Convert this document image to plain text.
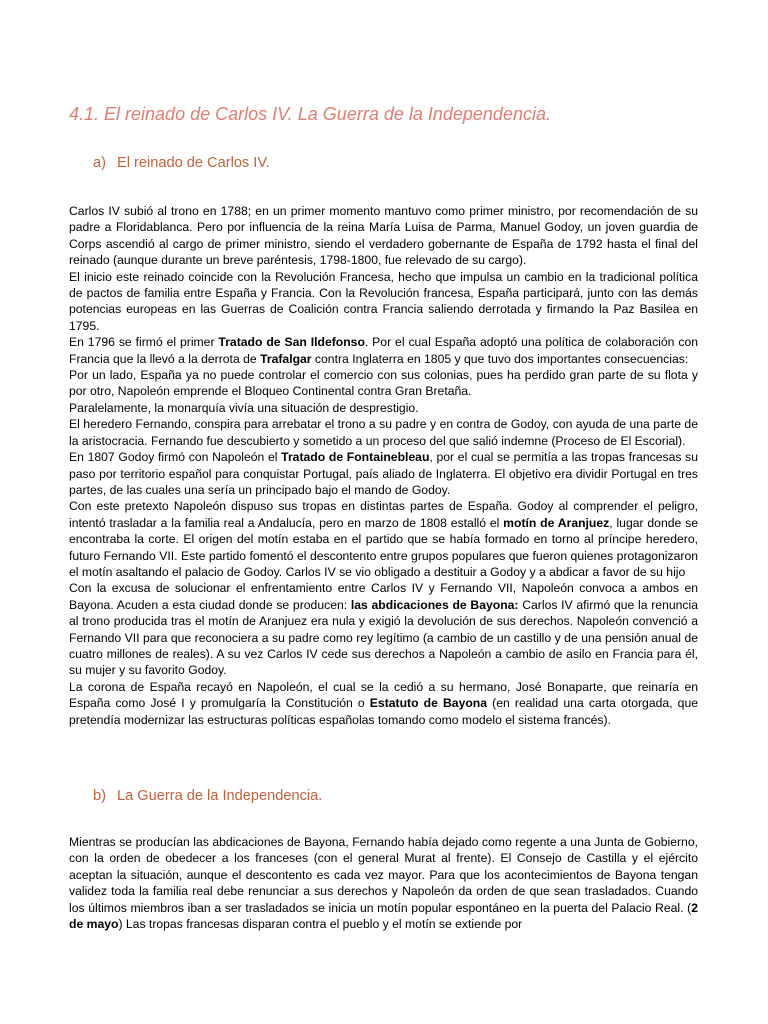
4.1. El reinado de Carlos IV. La Guerra de la Independencia.
a) El reinado de Carlos IV.

Carlos IV subió al trono en 1788; en un primer momento mantuvo como primer ministro, por recomendación de su padre a Floridablanca. Pero por influencia de la reina María Luisa de Parma, Manuel Godoy, un joven guardia de Corps ascendió al cargo de primer ministro, siendo el verdadero gobernante de España de 1792 hasta el final del reinado (aunque durante un breve paréntesis, 1798-1800, fue relevado de su cargo).

El inicio este reinado coincide con la Revolución Francesa, hecho que impulsa un cambio en la tradicional política de pactos de familia entre España y Francia. Con la Revolución francesa, España participará, junto con las demás potencias europeas en las Guerras de Coalición contra Francia saliendo derrotada y firmando la Paz Basilea en 1795.

En 1796 se firmó el primer Tratado de San Ildefonso. Por el cual España adoptó una política de colaboración con Francia que la llevó a la derrota de Trafalgar contra Inglaterra en 1805 y que tuvo dos importantes consecuencias:

Por un lado, España ya no puede controlar el comercio con sus colonias, pues ha perdido gran parte de su flota y por otro, Napoleón emprende el Bloqueo Continental contra Gran Bretaña.

Paralelamente, la monarquía vivía una situación de desprestigio.

El heredero Fernando, conspira para arrebatar el trono a su padre y en contra de Godoy, con ayuda de una parte de la aristocracia. Fernando fue descubierto y sometido a un proceso del que salió indemne (Proceso de El Escorial).

En 1807 Godoy firmó con Napoleón el Tratado de Fontainebleau, por el cual se permitía a las tropas francesas su paso por territorio español para conquistar Portugal, país aliado de Inglaterra. El objetivo era dividir Portugal en tres partes, de las cuales una sería un principado bajo el mando de Godoy.

Con este pretexto Napoleón dispuso sus tropas en distintas partes de España. Godoy al comprender el peligro, intentó trasladar a la familia real a Andalucía, pero en marzo de 1808 estalló el motín de Aranjuez, lugar donde se encontraba la corte. El origen del motín estaba en el partido que se había formado en torno al príncipe heredero, futuro Fernando VII. Este partido fomentó el descontento entre grupos populares que fueron quienes protagonizaron el motín asaltando el palacio de Godoy. Carlos IV se vio obligado a destituir a Godoy y a abdicar a favor de su hijo

Con la excusa de solucionar el enfrentamiento entre Carlos IV y Fernando VII, Napoleón convoca a ambos en Bayona. Acuden a esta ciudad donde se producen: las abdicaciones de Bayona: Carlos IV afirmó que la renuncia al trono producida tras el motín de Aranjuez era nula y exigió la devolución de sus derechos. Napoleón convenció a Fernando VII para que reconociera a su padre como rey legítimo (a cambio de un castillo y de una pensión anual de cuatro millones de reales). A su vez Carlos IV cede sus derechos a Napoleón a cambio de asilo en Francia para él, su mujer y su favorito Godoy.

La corona de España recayó en Napoleón, el cual se la cedió a su hermano, José Bonaparte, que reinaría en España como José I y promulgaría la Constitución o Estatuto de Bayona (en realidad una carta otorgada, que pretendía modernizar las estructuras políticas españolas tomando como modelo el sistema francés).

b) La Guerra de la Independencia.

Mientras se producían las abdicaciones de Bayona, Fernando había dejado como regente a una Junta de Gobierno, con la orden de obedecer a los franceses (con el general Murat al frente). El Consejo de Castilla y el ejército aceptan la situación, aunque el descontento es cada vez mayor. Para que los acontecimientos de Bayona tengan validez toda la familia real debe renunciar a sus derechos y Napoleón da orden de que sean trasladados. Cuando los últimos miembros iban a ser trasladados se inicia un motín popular espontáneo en la puerta del Palacio Real. (2 de mayo) Las tropas francesas disparan contra el pueblo y el motín se extiende por
